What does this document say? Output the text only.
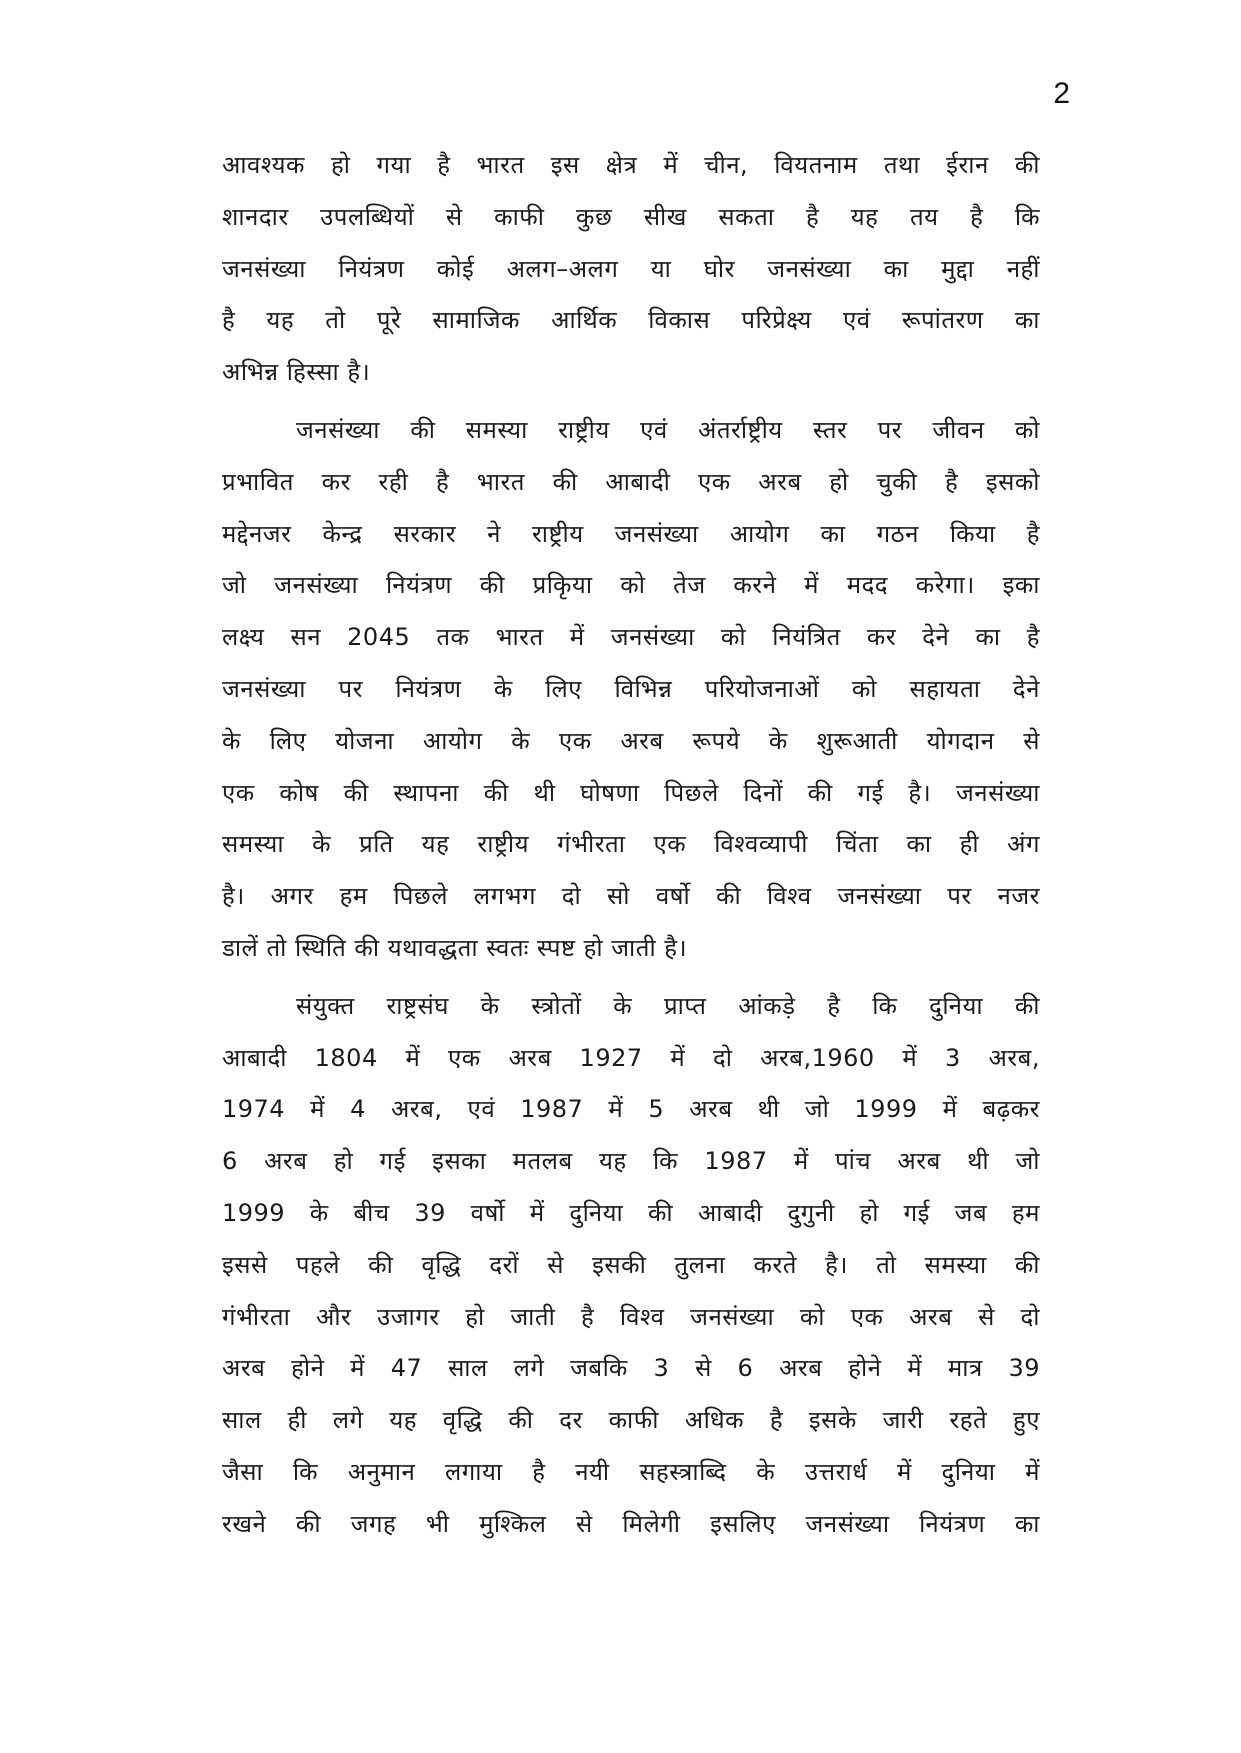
2
आवश्यक हो गया है भारत इस क्षेत्र में चीन, वियतनाम तथा ईरान की
शानदार उपलब्धियों से काफी कुछ सीख सकता है यह तय है कि
जनसंख्या नियंत्रण कोई अलग–अलग या घोर जनसंख्या का मुद्दा नहीं
है यह तो पूरे सामाजिक आर्थिक विकास परिप्रेक्ष्य एवं रूपांतरण का
अभिन्न हिस्सा है।
जनसंख्या की समस्या राष्ट्रीय एवं अंतर्राष्ट्रीय स्तर पर जीवन को
प्रभावित कर रही है भारत की आबादी एक अरब हो चुकी है इसको
मद्देनजर केन्द्र सरकार ने राष्ट्रीय जनसंख्या आयोग का गठन किया है
जो जनसंख्या नियंत्रण की प्रकिृया को तेज करने में मदद करेगा। इका
लक्ष्य सन 2045 तक भारत में जनसंख्या को नियंत्रित कर देने का है
जनसंख्या पर नियंत्रण के लिए विभिन्न परियोजनाओं को सहायता देने
के लिए योजना आयोग के एक अरब रूपये के शुरूआती योगदान से
एक कोष की स्थापना की थी घोषणा पिछले दिनों की गई है। जनसंख्या
समस्या के प्रति यह राष्ट्रीय गंभीरता एक विश्वव्यापी चिंता का ही अंग
है। अगर हम पिछले लगभग दो सो वर्षो की विश्व जनसंख्या पर नजर
डालें तो स्थिति की यथावद्धता स्वतः स्पष्ट हो जाती है।
संयुक्त राष्ट्रसंघ के स्त्रोतों के प्राप्त आंकड़े है कि दुनिया की
आबादी 1804 में एक अरब 1927 में दो अरब,1960 में 3 अरब,
1974 में 4 अरब, एवं 1987 में 5 अरब थी जो 1999 में बढ़कर
6 अरब हो गई इसका मतलब यह कि 1987 में पांच अरब थी जो
1999 के बीच 39 वर्षो में दुनिया की आबादी दुगुनी हो गई जब हम
इससे पहले की वृद्धि दरों से इसकी तुलना करते है। तो समस्या की
गंभीरता और उजागर हो जाती है विश्व जनसंख्या को एक अरब से दो
अरब होने में 47 साल लगे जबकि 3 से 6 अरब होने में मात्र 39
साल ही लगे यह वृद्धि की दर काफी अधिक है इसके जारी रहते हुए
जैसा कि अनुमान लगाया है नयी सहस्त्राब्दि के उत्तरार्ध में दुनिया में
रखने की जगह भी मुश्किल से मिलेगी इसलिए जनसंख्या नियंत्रण का
